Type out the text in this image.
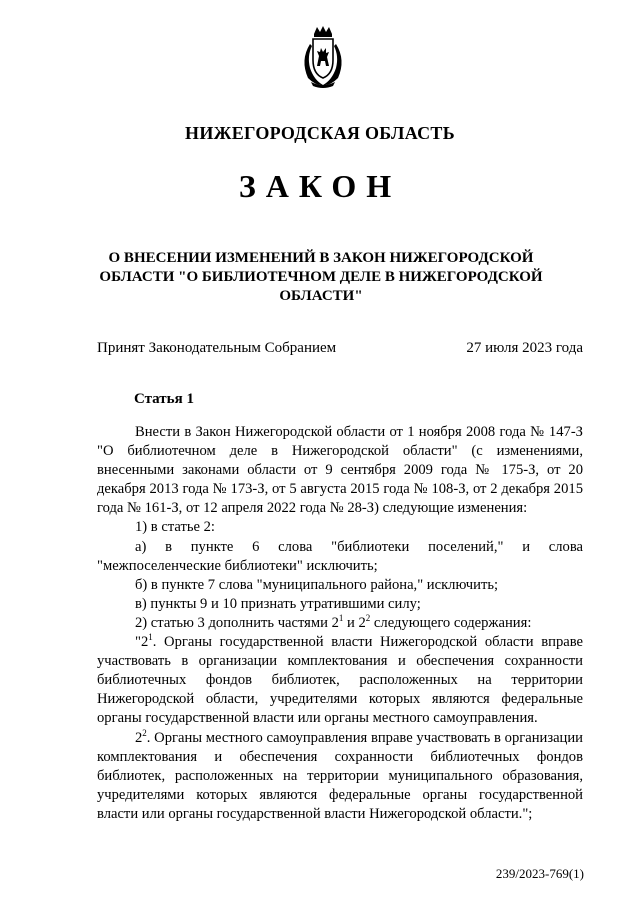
НИЖЕГОРОДСКАЯ ОБЛАСТЬ
ЗАКОН
О ВНЕСЕНИИ ИЗМЕНЕНИЙ В ЗАКОН НИЖЕГОРОДСКОЙ ОБЛАСТИ "О БИБЛИОТЕЧНОМ ДЕЛЕ В НИЖЕГОРОДСКОЙ ОБЛАСТИ"
Принят Законодательным Собранием	27 июля 2023 года
Статья 1

Внести в Закон Нижегородской области от 1 ноября 2008 года № 147-З "О библиотечном деле в Нижегородской области" (с изменениями, внесенными законами области от 9 сентября 2009 года № 175-З, от 20 декабря 2013 года № 173-З, от 5 августа 2015 года № 108-З, от 2 декабря 2015 года № 161-З, от 12 апреля 2022 года № 28-З) следующие изменения:

1) в статье 2:

а) в пункте 6 слова "библиотеки поселений," и слова "межпоселенческие библиотеки" исключить;

б) в пункте 7 слова "муниципального района," исключить;

в) пункты 9 и 10 признать утратившими силу;

2) статью 3 дополнить частями $2^1$ и $2^2$ следующего содержания:

"$2^1$. Органы государственной власти Нижегородской области вправе участвовать в организации комплектования и обеспечения сохранности библиотечных фондов библиотек, расположенных на территории Нижегородской области, учредителями которых являются федеральные органы государственной власти или органы местного самоуправления.

$2^2$. Органы местного самоуправления вправе участвовать в организации комплектования и обеспечения сохранности библиотечных фондов библиотек, расположенных на территории муниципального образования, учредителями которых являются федеральные органы государственной власти или органы государственной власти Нижегородской области.";

239/2023-769(1)
